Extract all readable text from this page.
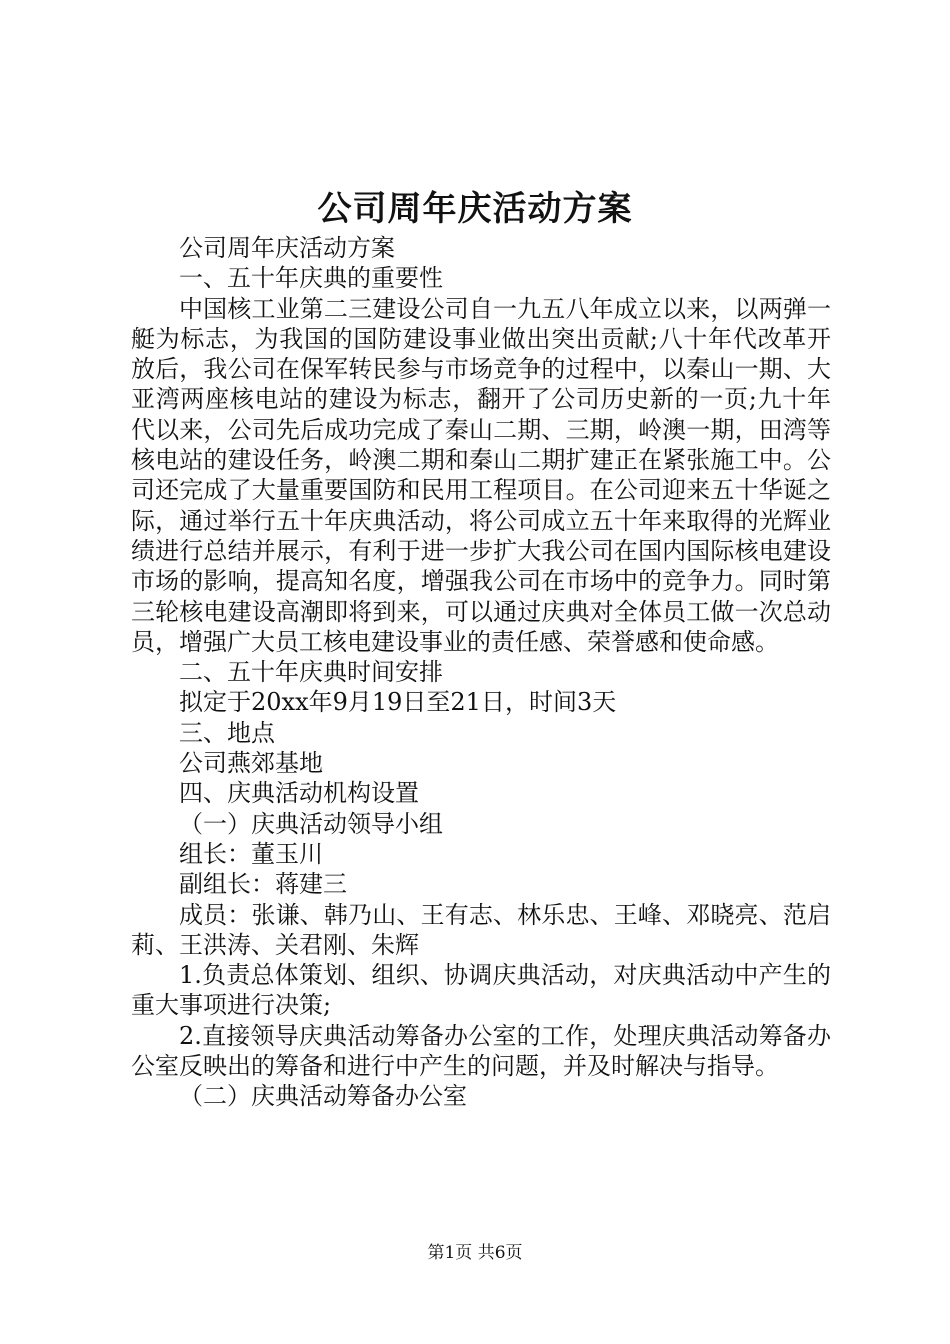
公司周年庆活动方案

公司周年庆活动方案

一、五十年庆典的重要性

中国核工业第二三建设公司自一九五八年成立以来，以两弹一艇为标志，为我国的国防建设事业做出突出贡献;八十年代改革开放后，我公司在保军转民参与市场竞争的过程中，以秦山一期、大亚湾两座核电站的建设为标志，翻开了公司历史新的一页;九十年代以来，公司先后成功完成了秦山二期、三期，岭澳一期，田湾等核电站的建设任务，岭澳二期和秦山二期扩建正在紧张施工中。公司还完成了大量重要国防和民用工程项目。在公司迎来五十华诞之际，通过举行五十年庆典活动，将公司成立五十年来取得的光辉业绩进行总结并展示，有利于进一步扩大我公司在国内国际核电建设市场的影响，提高知名度，增强我公司在市场中的竞争力。同时第三轮核电建设高潮即将到来，可以通过庆典对全体员工做一次总动员，增强广大员工核电建设事业的责任感、荣誉感和使命感。

二、五十年庆典时间安排

拟定于20xx年9月19日至21日，时间3天

三、地点

公司燕郊基地

四、庆典活动机构设置

（一）庆典活动领导小组

组长：董玉川

副组长：蒋建三

成员：张谦、韩乃山、王有志、林乐忠、王峰、邓晓亮、范启莉、王洪涛、关君刚、朱辉

1.负责总体策划、组织、协调庆典活动，对庆典活动中产生的重大事项进行决策;

2.直接领导庆典活动筹备办公室的工作，处理庆典活动筹备办公室反映出的筹备和进行中产生的问题，并及时解决与指导。

（二）庆典活动筹备办公室

第1页 共6页
